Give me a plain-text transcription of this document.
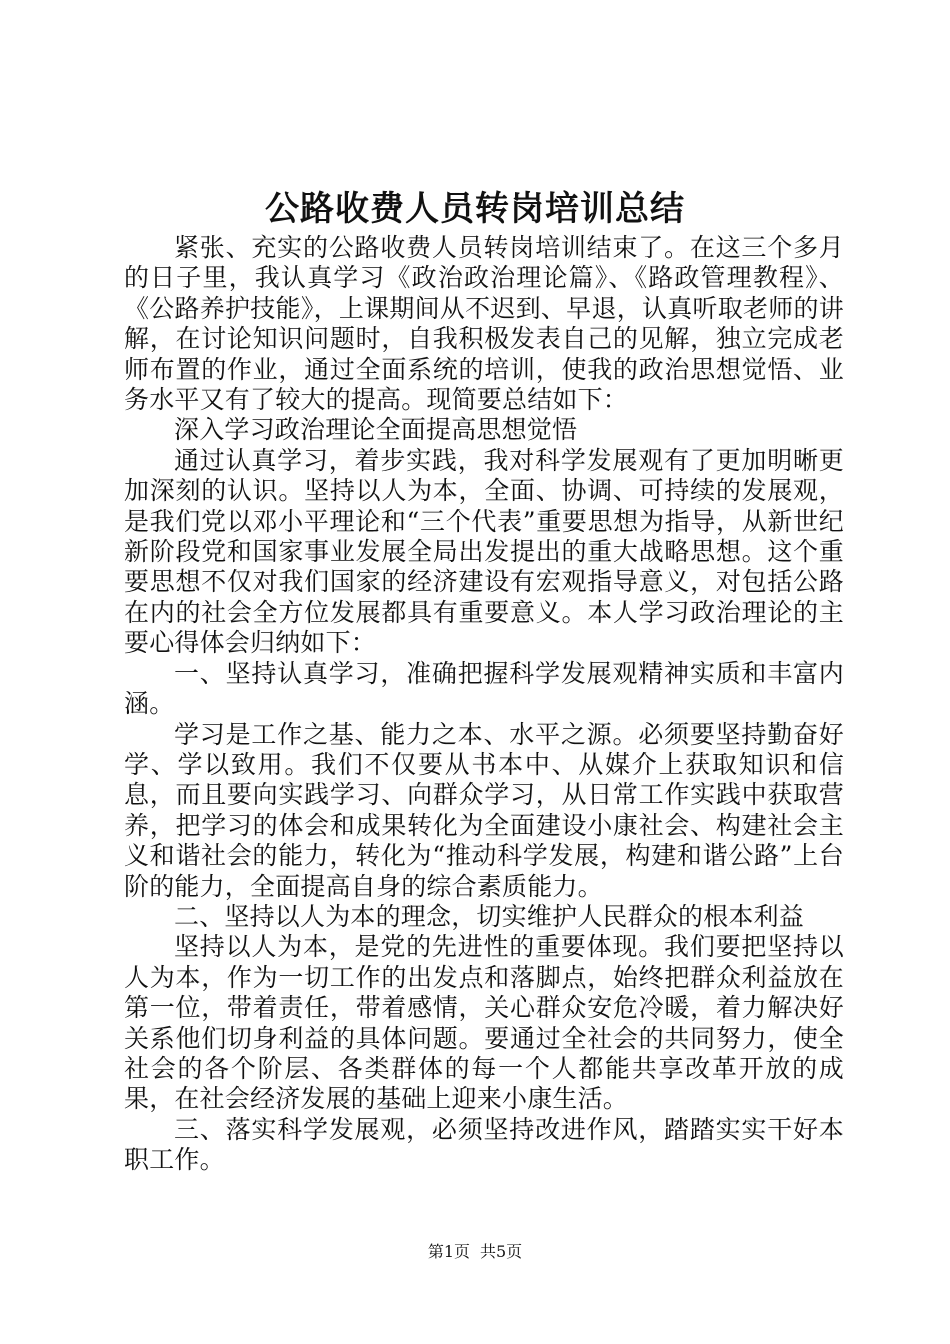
公路收费人员转岗培训总结

紧张、充实的公路收费人员转岗培训结束了。在这三个多月的日子里，我认真学习《政治政治理论篇》、《路政管理教程》、《公路养护技能》，上课期间从不迟到、早退，认真听取老师的讲解，在讨论知识问题时，自我积极发表自己的见解，独立完成老师布置的作业，通过全面系统的培训，使我的政治思想觉悟、业务水平又有了较大的提高。现简要总结如下：

深入学习政治理论全面提高思想觉悟

通过认真学习，着步实践，我对科学发展观有了更加明晰更加深刻的认识。坚持以人为本，全面、协调、可持续的发展观，是我们党以邓小平理论和“三个代表”重要思想为指导，从新世纪新阶段党和国家事业发展全局出发提出的重大战略思想。这个重要思想不仅对我们国家的经济建设有宏观指导意义，对包括公路在内的社会全方位发展都具有重要意义。本人学习政治理论的主要心得体会归纳如下：

一、坚持认真学习，准确把握科学发展观精神实质和丰富内涵。

学习是工作之基、能力之本、水平之源。必须要坚持勤奋好学、学以致用。我们不仅要从书本中、从媒介上获取知识和信息，而且要向实践学习、向群众学习，从日常工作实践中获取营养，把学习的体会和成果转化为全面建设小康社会、构建社会主义和谐社会的能力，转化为“推动科学发展，构建和谐公路”上台阶的能力，全面提高自身的综合素质能力。

二、坚持以人为本的理念，切实维护人民群众的根本利益

坚持以人为本，是党的先进性的重要体现。我们要把坚持以人为本，作为一切工作的出发点和落脚点，始终把群众利益放在第一位，带着责任，带着感情，关心群众安危冷暖，着力解决好关系他们切身利益的具体问题。要通过全社会的共同努力，使全社会的各个阶层、各类群体的每一个人都能共享改革开放的成果，在社会经济发展的基础上迎来小康生活。

三、落实科学发展观，必须坚持改进作风，踏踏实实干好本职工作。

第1页 共5页
